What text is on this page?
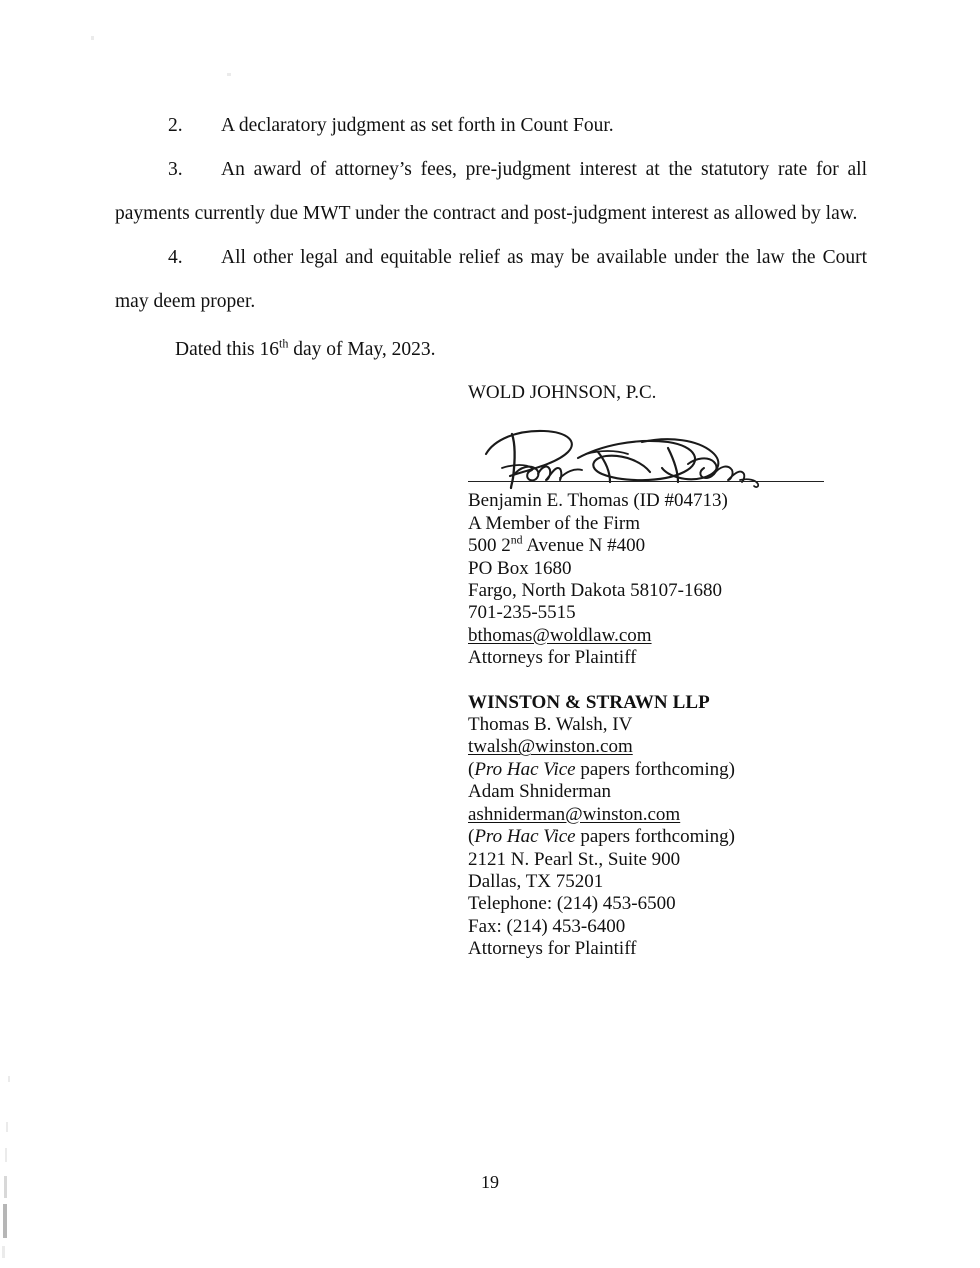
2. A declaratory judgment as set forth in Count Four.

3. An award of attorney’s fees, pre-judgment interest at the statutory rate for all payments currently due MWT under the contract and post-judgment interest as allowed by law.

4. All other legal and equitable relief as may be available under the law the Court may deem proper.

Dated this 16th day of May, 2023.
WOLD JOHNSON, P.C.
Benjamin E. Thomas (ID #04713)
A Member of the Firm
500 2nd Avenue N #400
PO Box 1680
Fargo, North Dakota 58107-1680
701-235-5515
bthomas@woldlaw.com
Attorneys for Plaintiff
WINSTON & STRAWN LLP
Thomas B. Walsh, IV
twalsh@winston.com
(Pro Hac Vice papers forthcoming)
Adam Shniderman
ashniderman@winston.com
(Pro Hac Vice papers forthcoming)
2121 N. Pearl St., Suite 900
Dallas, TX 75201
Telephone: (214) 453-6500
Fax: (214) 453-6400
Attorneys for Plaintiff
19
